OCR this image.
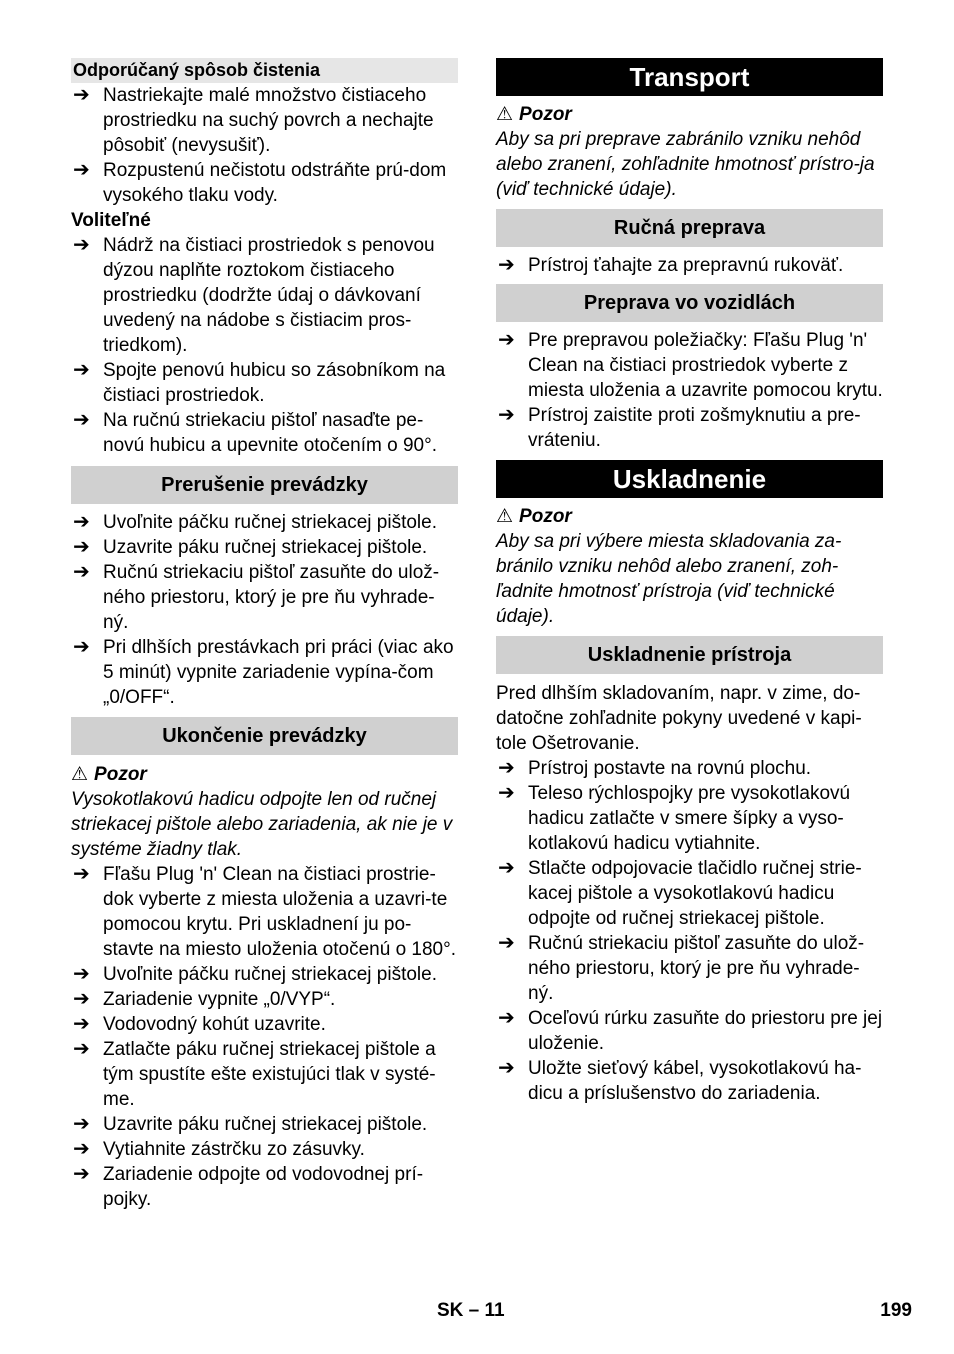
Odporúčaný spôsob čistenia
➔ Nastriekajte malé množstvo čistiaceho prostriedku na suchý povrch a nechajte pôsobiť (nevysušiť).
➔ Rozpustenú nečistotu odstráňte prú-dom vysokého tlaku vody.
Voliteľné
➔ Nádrž na čistiaci prostriedok s penovou dýzou naplňte roztokom čistiaceho prostriedku (dodržte údaj o dávkovaní uvedený na nádobe s čistiacim pros-triedkom).
➔ Spojte penovú hubicu so zásobníkom na čistiaci prostriedok.
➔ Na ručnú striekaciu pištoľ nasaďte pe-novú hubicu a upevnite otočením o 90°.
Prerušenie prevádzky
➔ Uvoľnite páčku ručnej striekacej pištole.
➔ Uzavrite páku ručnej striekacej pištole.
➔ Ručnú striekaciu pištoľ zasuňte do ulož-ného priestoru, ktorý je pre ňu vyhrade-ný.
➔ Pri dlhších prestávkach pri práci (viac ako 5 minút) vypnite zariadenie vypína-čom „0/OFF“.
Ukončenie prevádzky
⚠ Pozor
Vysokotlakovú hadicu odpojte len od ručnej striekacej pištole alebo zariadenia, ak nie je v systéme žiadny tlak.
➔ Fľašu Plug 'n' Clean na čistiaci prostrie-dok vyberte z miesta uloženia a uzavri-te pomocou krytu. Pri uskladnení ju po-stavte na miesto uloženia otočenú o 180°.
➔ Uvoľnite páčku ručnej striekacej pištole.
➔ Zariadenie vypnite „0/VYP“.
➔ Vodovodný kohút uzavrite.
➔ Zatlačte páku ručnej striekacej pištole a tým spustíte ešte existujúci tlak v systé-me.
➔ Uzavrite páku ručnej striekacej pištole.
➔ Vytiahnite zástrčku zo zásuvky.
➔ Zariadenie odpojte od vodovodnej prí-pojky.
Transport
⚠ Pozor
Aby sa pri preprave zabránilo vzniku nehôd alebo zranení, zohľadnite hmotnosť prístro-ja (viď technické údaje).
Ručná preprava
➔ Prístroj ťahajte za prepravnú rukoväť.
Preprava vo vozidlách
➔ Pre prepravou poležiačky: Fľašu Plug 'n' Clean na čistiaci prostriedok vyberte z miesta uloženia a uzavrite pomocou krytu.
➔ Prístroj zaistite proti zošmyknutiu a pre-vráteniu.
Uskladnenie
⚠ Pozor
Aby sa pri výbere miesta skladovania za-bránilo vzniku nehôd alebo zranení, zoh-ľadnite hmotnosť prístroja (viď technické údaje).
Uskladnenie prístroja
Pred dlhším skladovaním, napr. v zime, do-datočne zohľadnite pokyny uvedené v kapi-tole Ošetrovanie.
➔ Prístroj postavte na rovnú plochu.
➔ Teleso rýchlospojky pre vysokotlakovú hadicu zatlačte v smere šípky a vyso-kotlakovú hadicu vytiahnite.
➔ Stlačte odpojovacie tlačidlo ručnej strie-kacej pištole a vysokotlakovú hadicu odpojte od ručnej striekacej pištole.
➔ Ručnú striekaciu pištoľ zasuňte do ulož-ného priestoru, ktorý je pre ňu vyhrade-ný.
➔ Oceľovú rúrku zasuňte do priestoru pre jej uloženie.
➔ Uložte sieťový kábel, vysokotlakovú ha-dicu a príslušenstvo do zariadenia.
SK – 11	199
